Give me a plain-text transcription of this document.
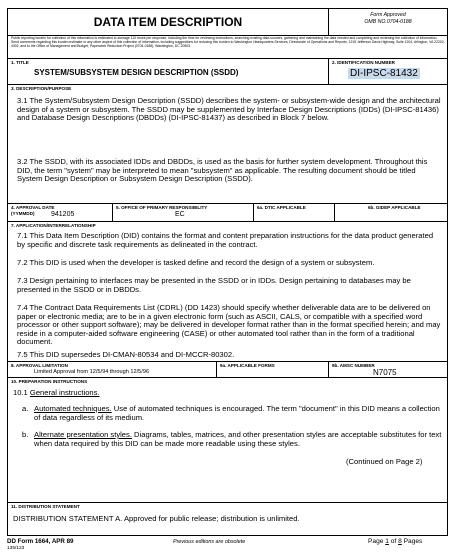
DATA ITEM DESCRIPTION	Form Approved
OMB NO.0704-0188
Public reporting burden for collection of this information is estimated to average 110 hours per response, including the time for reviewing instructions, searching existing data sources, gathering and maintaining the data needed and completing and reviewing the collection of information. Send comments regarding this burden estimate or any other aspect of this collection of information, including suggestions for reducing this burden to Washington Headquarters Services, Directorate of Operations and Reports, 1215 Jefferson Davis Highway, Suite 1204, Arlington, VA 22202-4302, and to the Office of Management and Budget, Paperwork Reduction Project (0704-0188), Washington, DC 20503.
1. TITLE
SYSTEM/SUBSYSTEM DESIGN DESCRIPTION (SSDD)
2. IDENTIFICATION NUMBER
DI-IPSC-81432
3. DESCRIPTION/PURPOSE
3.1 The System/Subsystem Design Description (SSDD) describes the system- or subsystem-wide design and the architectural design of a system or subsystem. The SSDD may be supplemented by Interface Design Descriptions (IDDs) (DI-IPSC-81436) and Database Design Descriptions (DBDDs) (DI-IPSC-81437) as described in Block 7 below.
3.2 The SSDD, with its associated IDDs and DBDDs, is used as the basis for further system development. Throughout this DID, the term "system" may be interpreted to mean "subsystem" as applicable. The resulting document should be titled System Design Description or Subsystem Design Description (SSDD).
4. APPROVAL DATE
(YYMMDD) 941205
5. OFFICE OF PRIMARY RESPONSIBILITY
EC
6a. DTIC APPLICABLE	6b. GIDEP APPLICABLE
7. APPLICATION/INTERRELATIONSHIP
7.1 This Data Item Description (DID) contains the format and content preparation instructions for the data product generated by specific and discrete task requirements as delineated in the contract.
7.2 This DID is used when the developer is tasked define and record the design of a system or subsystem.
7.3 Design pertaining to interfaces may be presented in the SSDD or in IDDs. Design pertaining to databases may be presented in the SSDD or in DBDDs.
7.4 The Contract Data Requirements List (CDRL) (DD 1423) should specify whether deliverable data are to be delivered on paper or electronic media; are to be in a given electronic form (such as ASCII, CALS, or compatible with a specified word processor or other support software); may be delivered in developer format rather than in the format specified herein; and may reside in a computer-aided software engineering (CASE) or other automated tool rather than in the form of a traditional document.
7.5 This DID supersedes DI-CMAN-80534 and DI-MCCR-80302.
8. APPROVAL LIMITATION
Limited Approval from 12/5/94 through 12/5/96
9a. APPLICABLE FORMS	9b. AMSC NUMBER
N7075
10. PREPARATION INSTRUCTIONS
10.1 General instructions.
a. Automated techniques. Use of automated techniques is encouraged. The term "document" in this DID means a collection of data regardless of its medium.
b. Alternate presentation styles. Diagrams, tables, matrices, and other presentation styles are acceptable substitutes for text when data required by this DID can be made more readable using these styles.
(Continued on Page 2)
11. DISTRIBUTION STATEMENT
DISTRIBUTION STATEMENT A. Approved for public release; distribution is unlimited.
DD Form 1664, APR 89
135/123
Previous editions are obsolete	Page 1 of 8 Pages
